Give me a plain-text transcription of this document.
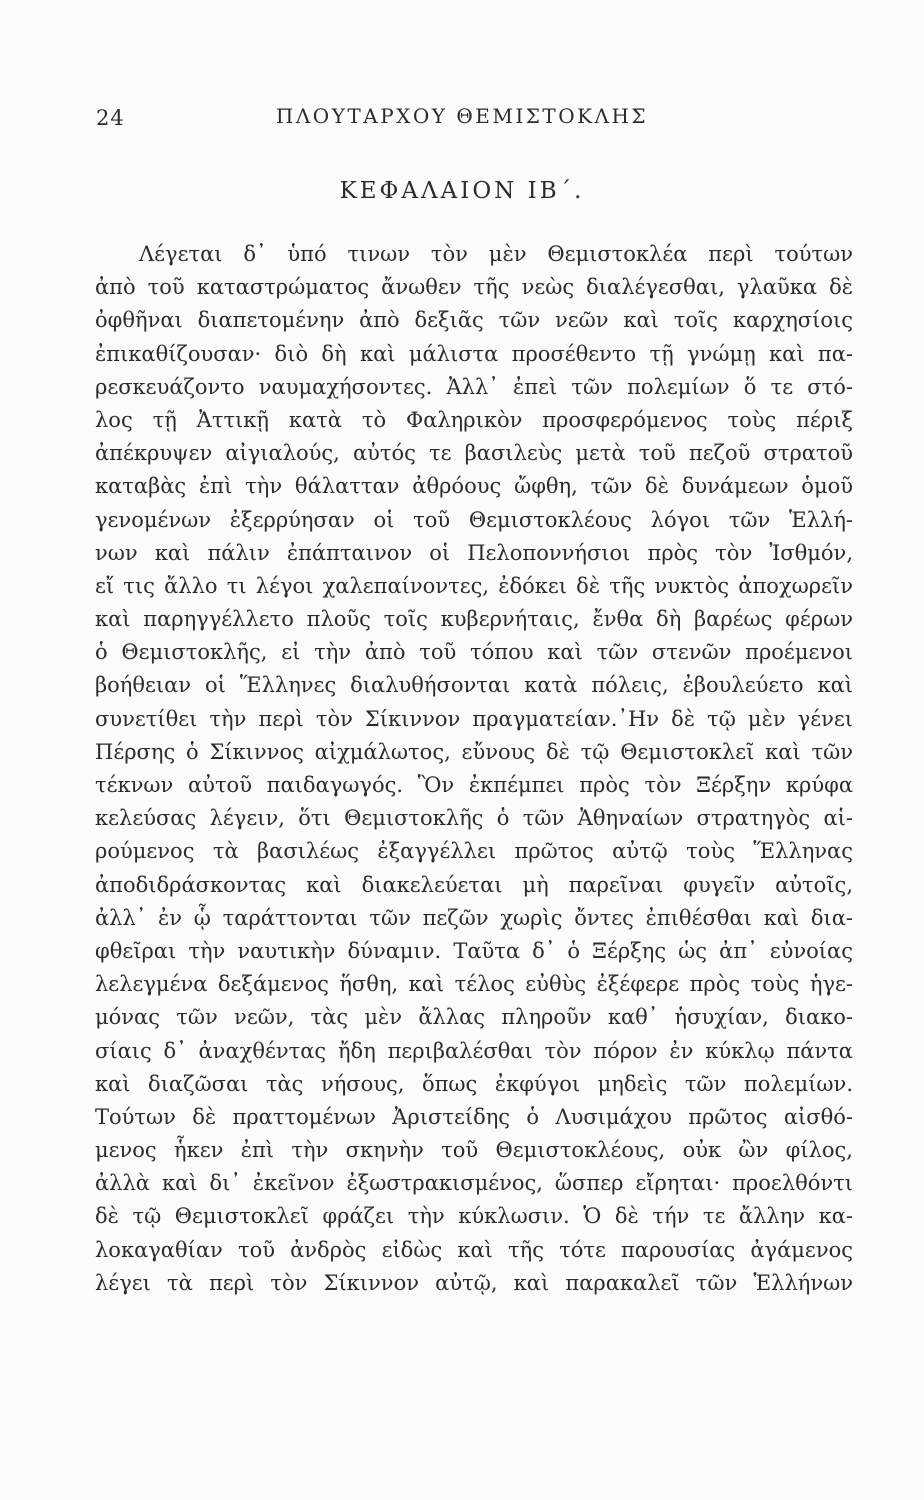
24	ΠΛΟΥΤΑΡΧΟΥ ΘΕΜΙΣΤΟΚΛΗΣ
ΚΕΦΑΛΑΙΟΝ ΙΒ΄.
Λέγεται δ᾽ ὑπό τινων τὸν μὲν Θεμιστοκλέα περὶ τούτων
ἀπὸ τοῦ καταστρώματος ἄνωθεν τῆς νεὼς διαλέγεσθαι, γλαῦκα δὲ
ὀφθῆναι διαπετομένην ἀπὸ δεξιᾶς τῶν νεῶν καὶ τοῖς καρχησίοις
ἐπικαθίζουσαν· διὸ δὴ καὶ μάλιστα προσέθεντο τῇ γνώμῃ καὶ πα-
ρεσκευάζοντο ναυμαχήσοντες. Ἀλλ᾽ ἐπεὶ τῶν πολεμίων ὅ τε στό-
λος τῇ Ἀττικῇ κατὰ τὸ Φαληρικὸν προσφερόμενος τοὺς πέριξ
ἀπέκρυψεν αἰγιαλούς, αὐτός τε βασιλεὺς μετὰ τοῦ πεζοῦ στρατοῦ
καταβὰς ἐπὶ τὴν θάλατταν ἀθρόους ὤφθη, τῶν δὲ δυνάμεων ὁμοῦ
γενομένων ἐξερρύησαν οἱ τοῦ Θεμιστοκλέους λόγοι τῶν Ἑλλή-
νων καὶ πάλιν ἐπάπταινον οἱ Πελοποννήσιοι πρὸς τὸν Ἰσθμόν,
εἴ τις ἄλλο τι λέγοι χαλεπαίνοντες, ἐδόκει δὲ τῆς νυκτὸς ἀποχωρεῖν
καὶ παρηγγέλλετο πλοῦς τοῖς κυβερνήταις, ἔνθα δὴ βαρέως φέρων
ὁ Θεμιστοκλῆς, εἰ τὴν ἀπὸ τοῦ τόπου καὶ τῶν στενῶν προέμενοι
βοήθειαν οἱ Ἕλληνες διαλυθήσονται κατὰ πόλεις, ἐβουλεύετο καὶ
συνετίθει τὴν περὶ τὸν Σίκιννον πραγματείαν.᾿Ην δὲ τῷ μὲν γένει
Πέρσης ὁ Σίκιννος αἰχμάλωτος, εὔνους δὲ τῷ Θεμιστοκλεῖ καὶ τῶν
τέκνων αὐτοῦ παιδαγωγός. Ὃν ἐκπέμπει πρὸς τὸν Ξέρξην κρύφα
κελεύσας λέγειν, ὅτι Θεμιστοκλῆς ὁ τῶν Ἀθηναίων στρατηγὸς αἱ-
ρούμενος τὰ βασιλέως ἐξαγγέλλει πρῶτος αὐτῷ τοὺς Ἕλληνας
ἀποδιδράσκοντας καὶ διακελεύεται μὴ παρεῖναι φυγεῖν αὐτοῖς,
ἀλλ᾽ ἐν ᾧ ταράττονται τῶν πεζῶν χωρὶς ὄντες ἐπιθέσθαι καὶ δια-
φθεῖραι τὴν ναυτικὴν δύναμιν. Ταῦτα δ᾽ ὁ Ξέρξης ὡς ἀπ᾽ εὐνοίας
λελεγμένα δεξάμενος ἥσθη, καὶ τέλος εὐθὺς ἐξέφερε πρὸς τοὺς ἡγε-
μόνας τῶν νεῶν, τὰς μὲν ἄλλας πληροῦν καθ᾽ ἡσυχίαν, διακο-
σίαις δ᾽ ἀναχθέντας ἤδη περιβαλέσθαι τὸν πόρον ἐν κύκλῳ πάντα
καὶ διαζῶσαι τὰς νήσους, ὅπως ἐκφύγοι μηδεὶς τῶν πολεμίων.
Τούτων δὲ πραττομένων Ἀριστείδης ὁ Λυσιμάχου πρῶτος αἰσθό-
μενος ἧκεν ἐπὶ τὴν σκηνὴν τοῦ Θεμιστοκλέους, οὐκ ὢν φίλος,
ἀλλὰ καὶ δι᾽ ἐκεῖνον ἐξωστρακισμένος, ὥσπερ εἴρηται· προελθόντι
δὲ τῷ Θεμιστοκλεῖ φράζει τὴν κύκλωσιν. Ὁ δὲ τήν τε ἄλλην κα-
λοκαγαθίαν τοῦ ἀνδρὸς εἰδὼς καὶ τῆς τότε παρουσίας ἀγάμενος
λέγει τὰ περὶ τὸν Σίκιννον αὐτῷ, καὶ παρακαλεῖ τῶν Ἑλλήνων
